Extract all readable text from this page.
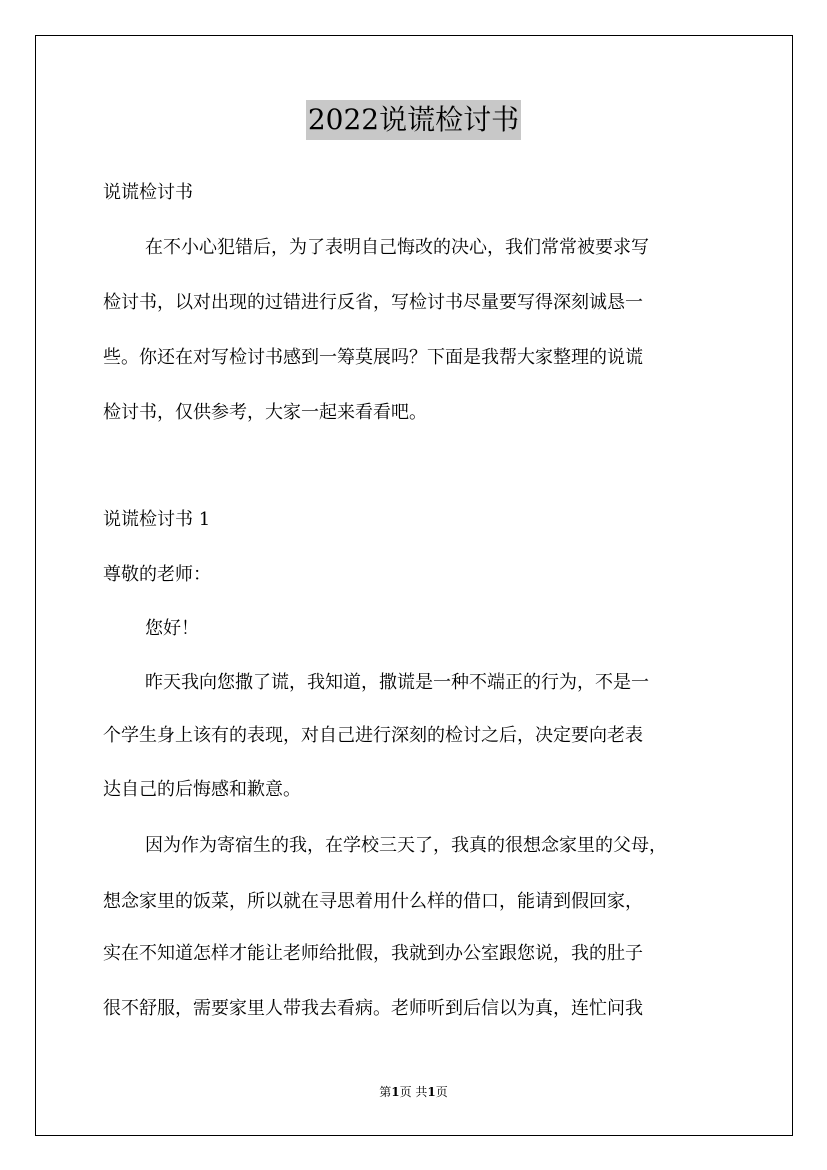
2022说谎检讨书
说谎检讨书
在不小心犯错后，为了表明自己悔改的决心，我们常常被要求写
检讨书，以对出现的过错进行反省，写检讨书尽量要写得深刻诚恳一
些。你还在对写检讨书感到一筹莫展吗？下面是我帮大家整理的说谎
检讨书，仅供参考，大家一起来看看吧。
说谎检讨书 1
尊敬的老师：
您好！
昨天我向您撒了谎，我知道，撒谎是一种不端正的行为，不是一
个学生身上该有的表现，对自己进行深刻的检讨之后，决定要向老表
达自己的后悔感和歉意。
因为作为寄宿生的我，在学校三天了，我真的很想念家里的父母，
想念家里的饭菜，所以就在寻思着用什么样的借口，能请到假回家，
实在不知道怎样才能让老师给批假，我就到办公室跟您说，我的肚子
很不舒服，需要家里人带我去看病。老师听到后信以为真，连忙问我
第1页 共1页
